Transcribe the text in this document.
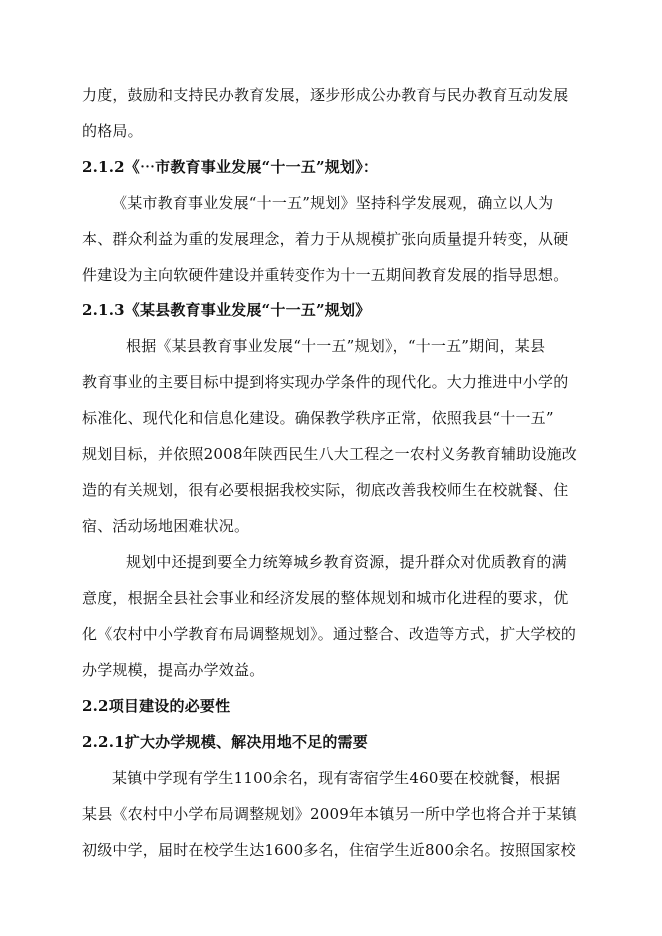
力度，鼓励和支持民办教育发展，逐步形成公办教育与民办教育互动发展
的格局。
2.1.2《⋯市教育事业发展“十一五”规划》：
《某市教育事业发展“十一五”规划》坚持科学发展观，确立以人为
本、群众利益为重的发展理念，着力于从规模扩张向质量提升转变，从硬
件建设为主向软硬件建设并重转变作为十一五期间教育发展的指导思想。
2.1.3《某县教育事业发展“十一五”规划》
根据《某县教育事业发展“十一五”规划》，“十一五”期间，某县
教育事业的主要目标中提到将实现办学条件的现代化。大力推进中小学的
标准化、现代化和信息化建设。确保教学秩序正常，依照我县“十一五”
规划目标，并依照2008年陕西民生八大工程之一农村义务教育辅助设施改
造的有关规划，很有必要根据我校实际，彻底改善我校师生在校就餐、住
宿、活动场地困难状况。
规划中还提到要全力统筹城乡教育资源，提升群众对优质教育的满
意度，根据全县社会事业和经济发展的整体规划和城市化进程的要求，优
化《农村中小学教育布局调整规划》。通过整合、改造等方式，扩大学校的
办学规模，提高办学效益。
2.2项目建设的必要性
2.2.1扩大办学规模、解决用地不足的需要
某镇中学现有学生1100余名，现有寄宿学生460要在校就餐，根据
某县《农村中小学布局调整规划》2009年本镇另一所中学也将合并于某镇
初级中学，届时在校学生达1600多名，住宿学生近800余名。按照国家校
